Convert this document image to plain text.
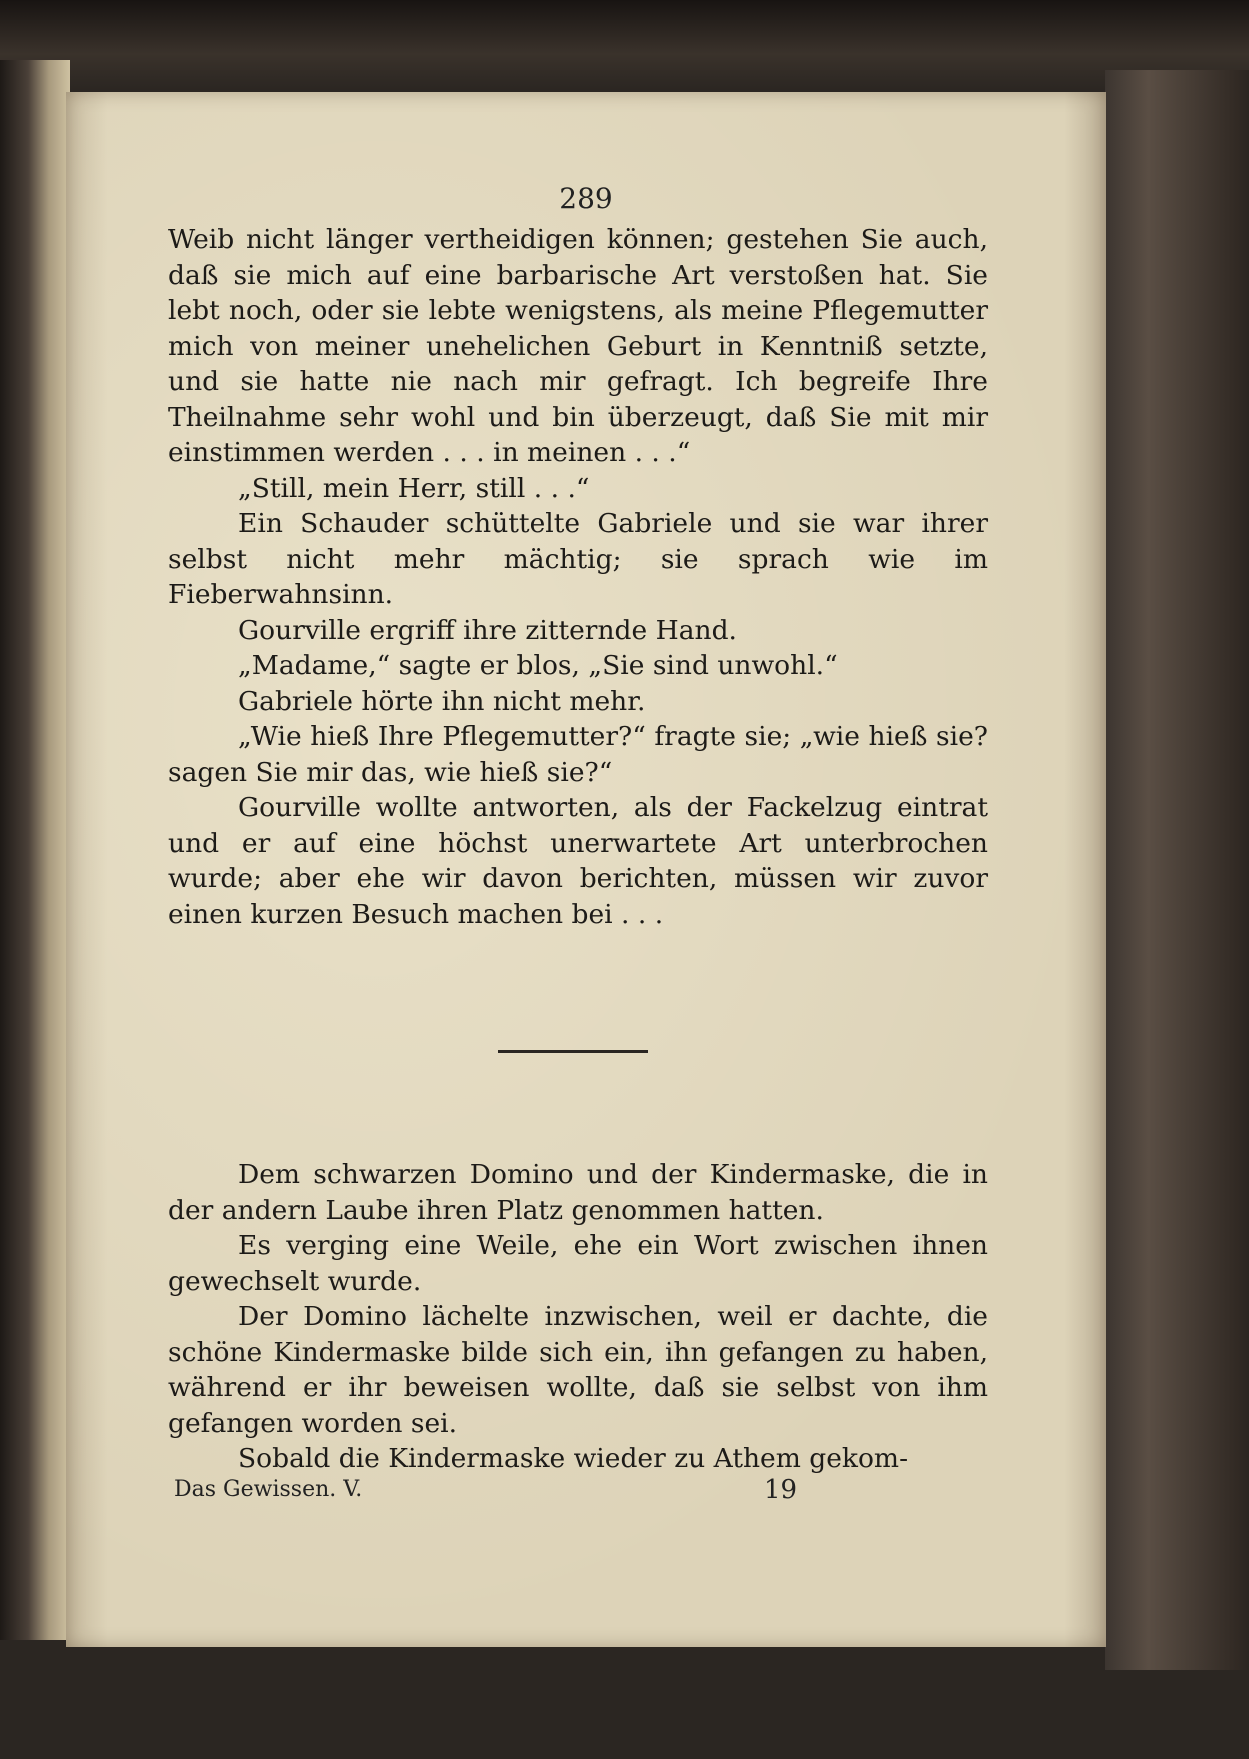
289

Weib nicht länger vertheidigen können; gestehen Sie auch, daß sie mich auf eine barbarische Art verstoßen hat. Sie lebt noch, oder sie lebte wenigstens, als meine Pflegemutter mich von meiner unehelichen Geburt in Kenntniß setzte, und sie hatte nie nach mir gefragt. Ich begreife Ihre Theilnahme sehr wohl und bin überzeugt, daß Sie mit mir einstimmen werden . . . in meinen . . .“

„Still, mein Herr, still . . .“

Ein Schauder schüttelte Gabriele und sie war ihrer selbst nicht mehr mächtig; sie sprach wie im Fieberwahnsinn.

Gourville ergriff ihre zitternde Hand.

„Madame,“ sagte er blos, „Sie sind unwohl.“

Gabriele hörte ihn nicht mehr.

„Wie hieß Ihre Pflegemutter?“ fragte sie; „wie hieß sie? sagen Sie mir das, wie hieß sie?“

Gourville wollte antworten, als der Fackelzug eintrat und er auf eine höchst unerwartete Art unterbrochen wurde; aber ehe wir davon berichten, müssen wir zuvor einen kurzen Besuch machen bei . . .

Dem schwarzen Domino und der Kindermaske, die in der andern Laube ihren Platz genommen hatten.

Es verging eine Weile, ehe ein Wort zwischen ihnen gewechselt wurde.

Der Domino lächelte inzwischen, weil er dachte, die schöne Kindermaske bilde sich ein, ihn gefangen zu haben, während er ihr beweisen wollte, daß sie selbst von ihm gefangen worden sei.

Sobald die Kindermaske wieder zu Athem gekom-

Das Gewissen. V.	19
